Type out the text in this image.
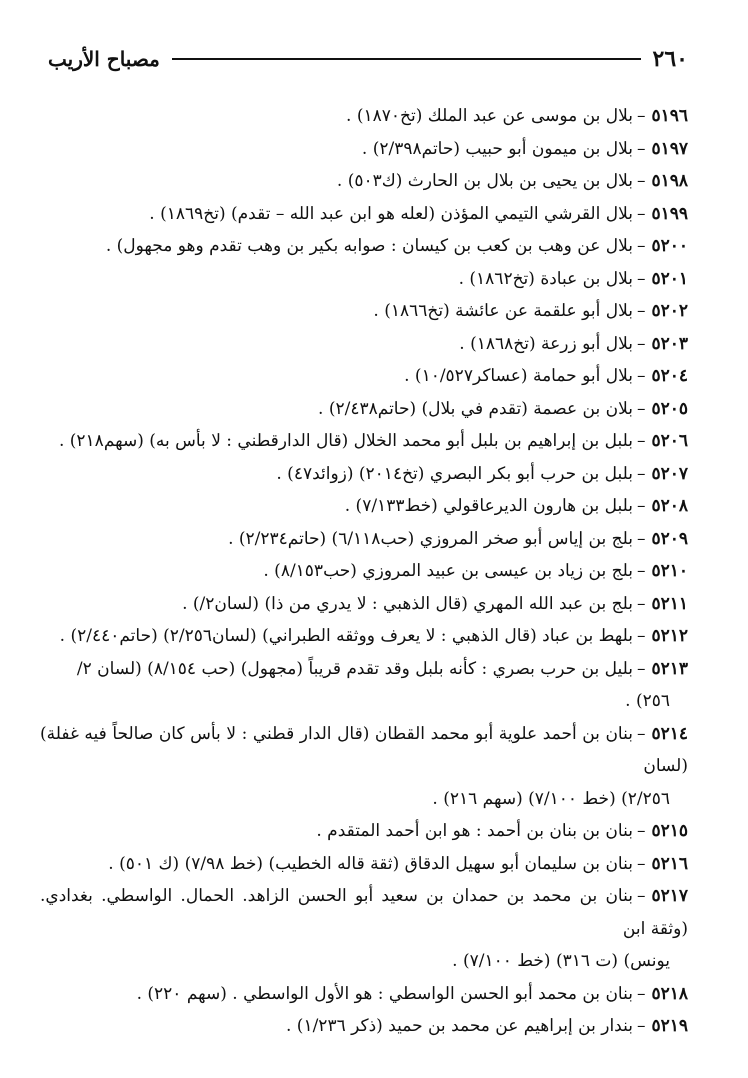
٢٦٠
مصباح الأريب
٥١٩٦–بلال بن موسى عن عبد الملك (تخ١٨٧٠) .
٥١٩٧–بلال بن ميمون أبو حبيب (حاتم٢/٣٩٨) .
٥١٩٨–بلال بن يحيى بن بلال بن الحارث (ك٥٠٣) .
٥١٩٩–بلال القرشي التيمي المؤذن (لعله هو ابن عبد الله – تقدم) (تخ١٨٦٩) .
٥٢٠٠–بلال عن وهب بن كعب بن كيسان : صوابه بكير بن وهب تقدم وهو مجهول) .
٥٢٠١–بلال بن عبادة (تخ١٨٦٢) .
٥٢٠٢–بلال أبو علقمة عن عائشة (تخ١٨٦٦) .
٥٢٠٣–بلال أبو زرعة (تخ١٨٦٨) .
٥٢٠٤–بلال أبو حمامة (عساكر١٠/٥٢٧) .
٥٢٠٥–بلان بن عصمة (تقدم في بلال) (حاتم٢/٤٣٨) .
٥٢٠٦–بلبل بن إبراهيم بن بلبل أبو محمد الخلال (قال الدارقطني : لا بأس به) (سهم٢١٨) .
٥٢٠٧–بلبل بن حرب أبو بكر البصري (تخ٢٠١٤) (زوائد٤٧) .
٥٢٠٨–بلبل بن هارون الديرعاقولي (خط٧/١٣٣) .
٥٢٠٩–بلج بن إياس أبو صخر المروزي (حب٦/١١٨) (حاتم٢/٢٣٤) .
٥٢١٠–بلج بن زياد بن عيسى بن عبيد المروزي (حب٨/١٥٣) .
٥٢١١–بلج بن عبد الله المهري (قال الذهبي : لا يدري من ذا) (لسان٢/) .
٥٢١٢–بلهط بن عباد (قال الذهبي : لا يعرف ووثقه الطبراني) (لسان٢/٢٥٦) (حاتم٢/٤٤٠) .
٥٢١٣–بليل بن حرب بصري : كأنه بلبل وقد تقدم قريباً (مجهول) (حب ٨/١٥٤) (لسان ٢/
٢٥٦) .
٥٢١٤–بنان بن أحمد علوية أبو محمد القطان (قال الدار قطني : لا بأس كان صالحاً فيه غفلة) (لسان
٢/٢٥٦) (خط ٧/١٠٠) (سهم ٢١٦) .
٥٢١٥–بنان بن بنان بن أحمد : هو ابن أحمد المتقدم .
٥٢١٦–بنان بن سليمان أبو سهيل الدقاق (ثقة قاله الخطيب) (خط ٧/٩٨) (ك ٥٠١) .
٥٢١٧–بنان بن محمد بن حمدان بن سعيد أبو الحسن الزاهد. الحمال. الواسطي. بغدادي. (وثقة ابن
يونس) (ت ٣١٦) (خط ٧/١٠٠) .
٥٢١٨–بنان بن محمد أبو الحسن الواسطي : هو الأول الواسطي . (سهم ٢٢٠) .
٥٢١٩–بندار بن إبراهيم عن محمد بن حميد (ذكر ١/٢٣٦) .
